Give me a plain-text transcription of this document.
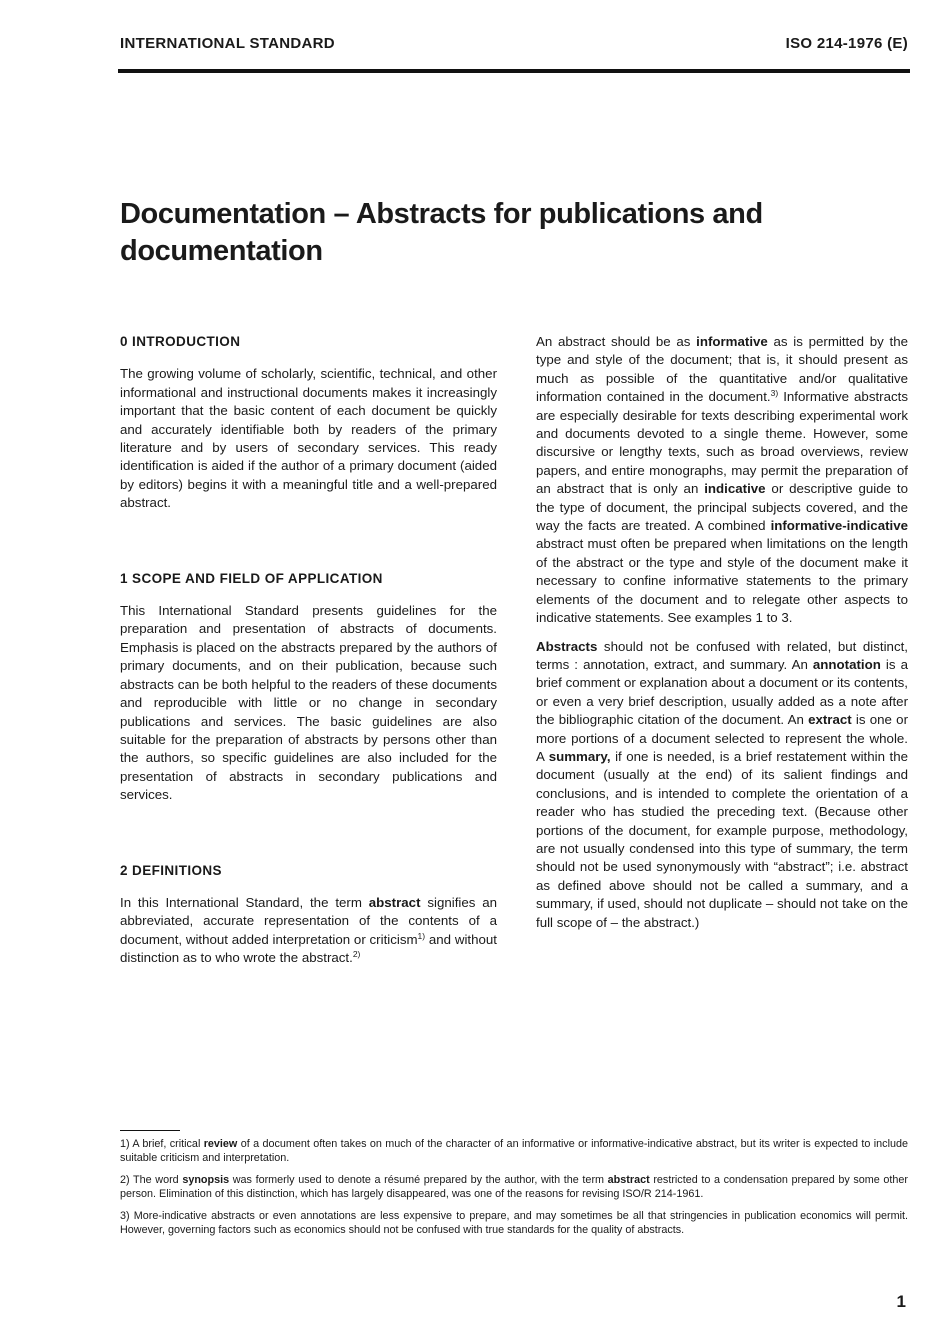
INTERNATIONAL STANDARD	ISO 214-1976 (E)
Documentation – Abstracts for publications and documentation
0 INTRODUCTION

The growing volume of scholarly, scientific, technical, and other informational and instructional documents makes it increasingly important that the basic content of each document be quickly and accurately identifiable both by readers of the primary literature and by users of secondary services. This ready identification is aided if the author of a primary document (aided by editors) begins it with a meaningful title and a well-prepared abstract.

1 SCOPE AND FIELD OF APPLICATION

This International Standard presents guidelines for the preparation and presentation of abstracts of documents. Emphasis is placed on the abstracts prepared by the authors of primary documents, and on their publication, because such abstracts can be both helpful to the readers of these documents and reproducible with little or no change in secondary publications and services. The basic guidelines are also suitable for the preparation of abstracts by persons other than the authors, so specific guidelines are also included for the presentation of abstracts in secondary publications and services.

2 DEFINITIONS

In this International Standard, the term abstract signifies an abbreviated, accurate representation of the contents of a document, without added interpretation or criticism$^{1)}$ and without distinction as to who wrote the abstract.$^{2)}$

An abstract should be as informative as is permitted by the type and style of the document; that is, it should present as much as possible of the quantitative and/or qualitative information contained in the document.$^{3)}$ Informative abstracts are especially desirable for texts describing experimental work and documents devoted to a single theme. However, some discursive or lengthy texts, such as broad overviews, review papers, and entire monographs, may permit the preparation of an abstract that is only an indicative or descriptive guide to the type of document, the principal subjects covered, and the way the facts are treated. A combined informative-indicative abstract must often be prepared when limitations on the length of the abstract or the type and style of the document make it necessary to confine informative statements to the primary elements of the document and to relegate other aspects to indicative statements. See examples 1 to 3.

Abstracts should not be confused with related, but distinct, terms : annotation, extract, and summary. An annotation is a brief comment or explanation about a document or its contents, or even a very brief description, usually added as a note after the bibliographic citation of the document. An extract is one or more portions of a document selected to represent the whole. A summary, if one is needed, is a brief restatement within the document (usually at the end) of its salient findings and conclusions, and is intended to complete the orientation of a reader who has studied the preceding text. (Because other portions of the document, for example purpose, methodology, are not usually condensed into this type of summary, the term should not be used synonymously with “abstract”; i.e. abstract as defined above should not be called a summary, and a summary, if used, should not duplicate – should not take on the full scope of – the abstract.)

1) A brief, critical review of a document often takes on much of the character of an informative or informative-indicative abstract, but its writer is expected to include suitable criticism and interpretation.

2) The word synopsis was formerly used to denote a résumé prepared by the author, with the term abstract restricted to a condensation prepared by some other person. Elimination of this distinction, which has largely disappeared, was one of the reasons for revising ISO/R 214-1961.

3) More-indicative abstracts or even annotations are less expensive to prepare, and may sometimes be all that stringencies in publication economics will permit. However, governing factors such as economics should not be confused with true standards for the quality of abstracts.

1
